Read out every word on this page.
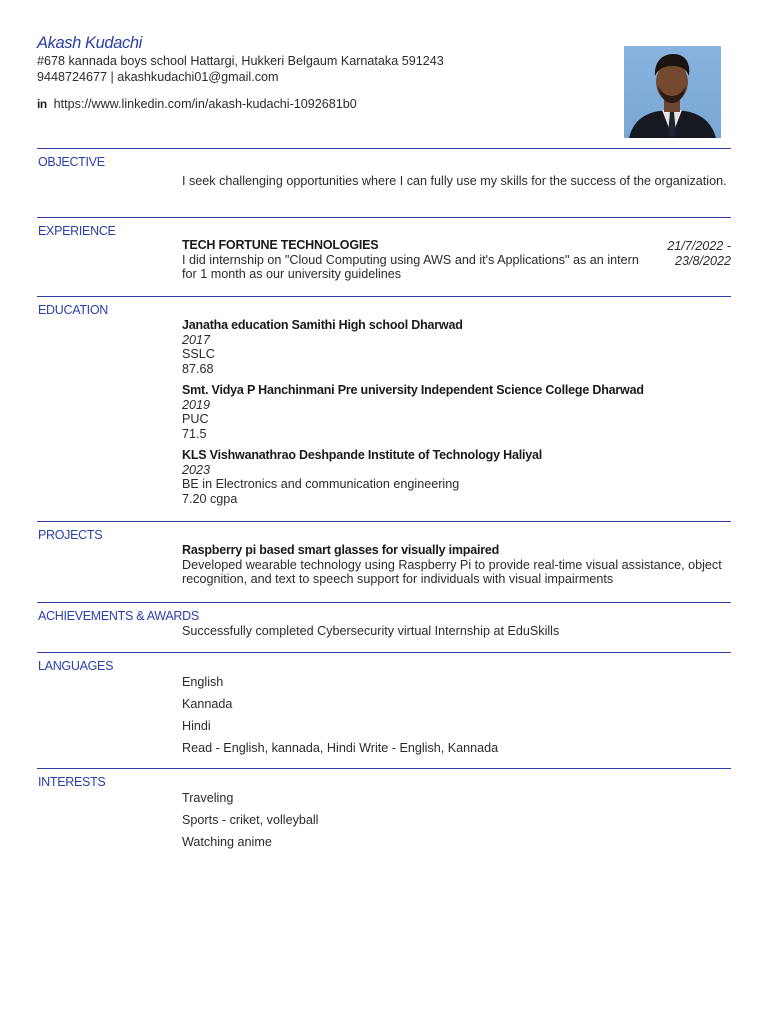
Akash Kudachi
#678 kannada boys school Hattargi, Hukkeri Belgaum Karnataka 591243
9448724677 | akashkudachi01@gmail.com
in https://www.linkedin.com/in/akash-kudachi-1092681b0
OBJECTIVE
I seek challenging opportunities where I can fully use my skills for the success of the organization.
EXPERIENCE
TECH FORTUNE TECHNOLOGIES
I did internship on "Cloud Computing using AWS and it's Applications" as an intern for 1 month as our university guidelines
21/7/2022 -
23/8/2022
EDUCATION
Janatha education Samithi High school Dharwad
2017
SSLC
87.68
Smt. Vidya P Hanchinmani Pre university Independent Science College Dharwad
2019
PUC
71.5
KLS Vishwanathrao Deshpande Institute of Technology Haliyal
2023
BE in Electronics and communication engineering
7.20 cgpa
PROJECTS
Raspberry pi based smart glasses for visually impaired
Developed wearable technology using Raspberry Pi to provide real-time visual assistance, object recognition, and text to speech support for individuals with visual impairments
ACHIEVEMENTS & AWARDS
Successfully completed Cybersecurity virtual Internship at EduSkills
LANGUAGES
English
Kannada
Hindi
Read - English, kannada, Hindi Write - English, Kannada
INTERESTS
Traveling
Sports - criket, volleyball
Watching anime
